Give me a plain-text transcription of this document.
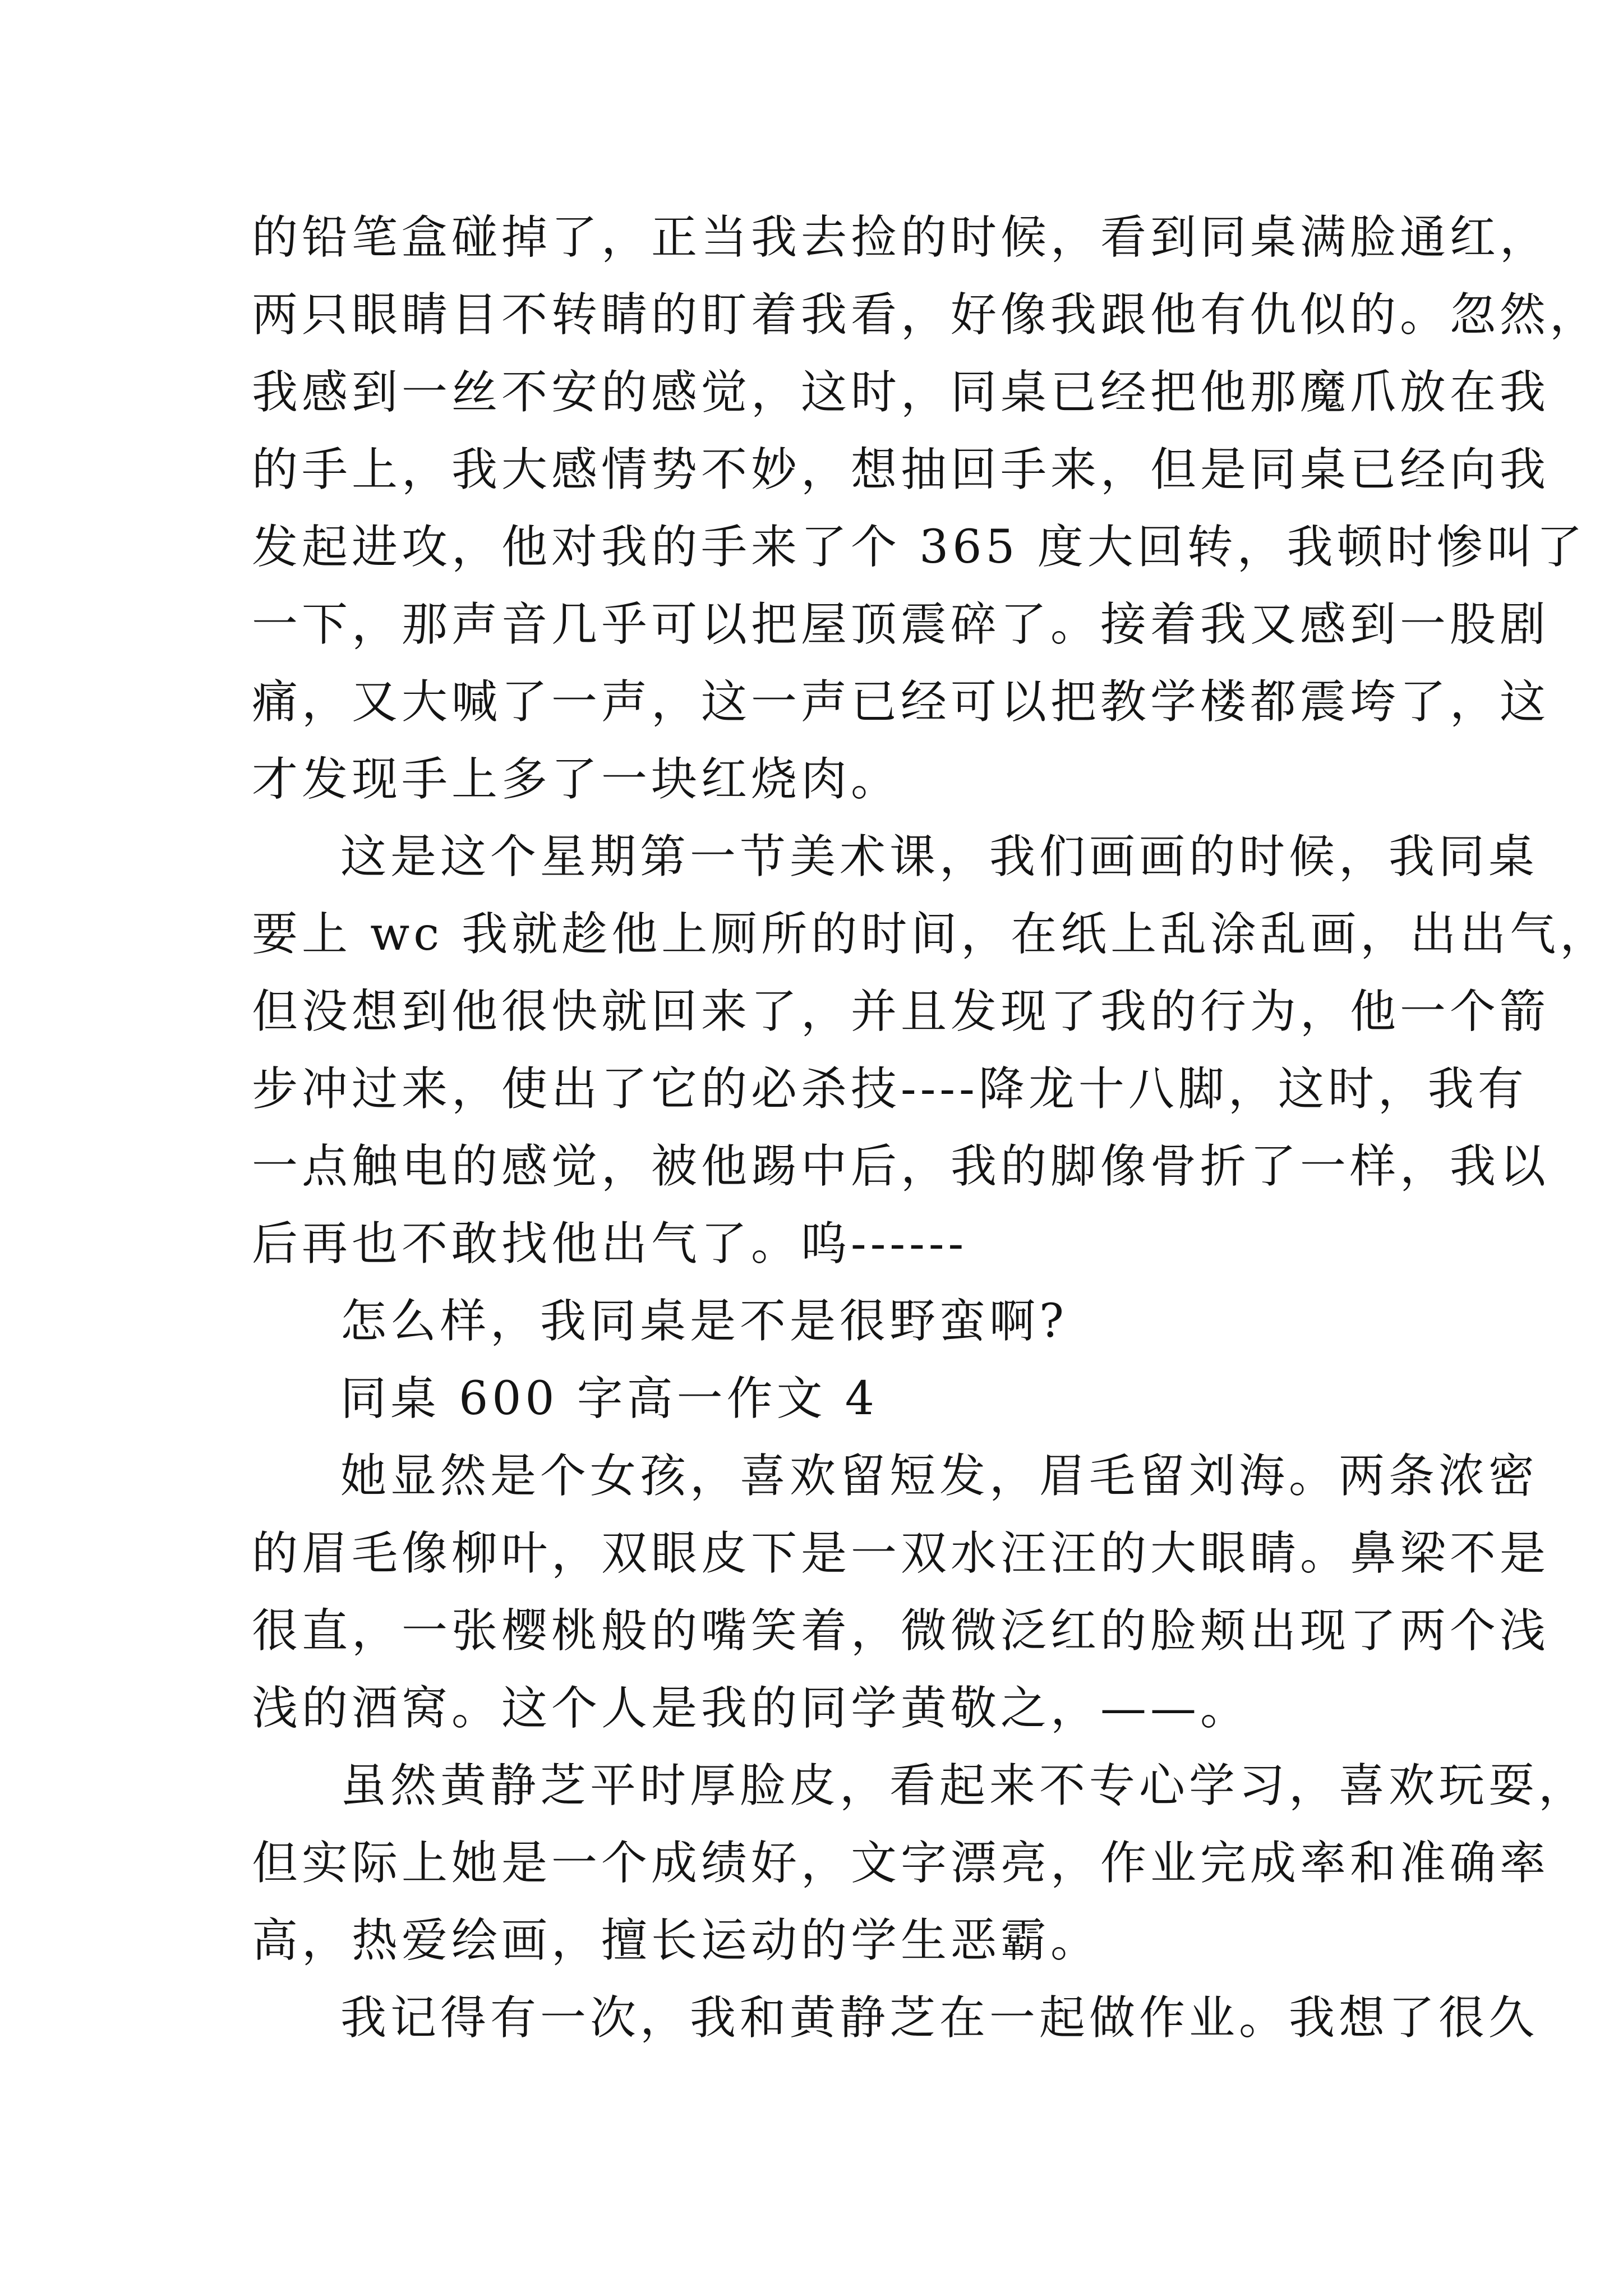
的铅笔盒碰掉了，正当我去捡的时候，看到同桌满脸通红，
两只眼睛目不转睛的盯着我看，好像我跟他有仇似的。忽然，
我感到一丝不安的感觉，这时，同桌已经把他那魔爪放在我
的手上，我大感情势不妙，想抽回手来，但是同桌已经向我
发起进攻，他对我的手来了个 365 度大回转，我顿时惨叫了
一下，那声音几乎可以把屋顶震碎了。接着我又感到一股剧
痛，又大喊了一声，这一声已经可以把教学楼都震垮了，这
才发现手上多了一块红烧肉。
这是这个星期第一节美术课，我们画画的时候，我同桌
要上 wc 我就趁他上厕所的时间，在纸上乱涂乱画，出出气，
但没想到他很快就回来了，并且发现了我的行为，他一个箭
步冲过来，使出了它的必杀技----降龙十八脚，这时，我有
一点触电的感觉，被他踢中后，我的脚像骨折了一样，我以
后再也不敢找他出气了。呜------
怎么样，我同桌是不是很野蛮啊?
同桌 600 字高一作文 4
她显然是个女孩，喜欢留短发，眉毛留刘海。两条浓密
的眉毛像柳叶，双眼皮下是一双水汪汪的大眼睛。鼻梁不是
很直，一张樱桃般的嘴笑着，微微泛红的脸颊出现了两个浅
浅的酒窝。这个人是我的同学黄敬之，——。
虽然黄静芝平时厚脸皮，看起来不专心学习，喜欢玩耍，
但实际上她是一个成绩好，文字漂亮，作业完成率和准确率
高，热爱绘画，擅长运动的学生恶霸。
我记得有一次，我和黄静芝在一起做作业。我想了很久
